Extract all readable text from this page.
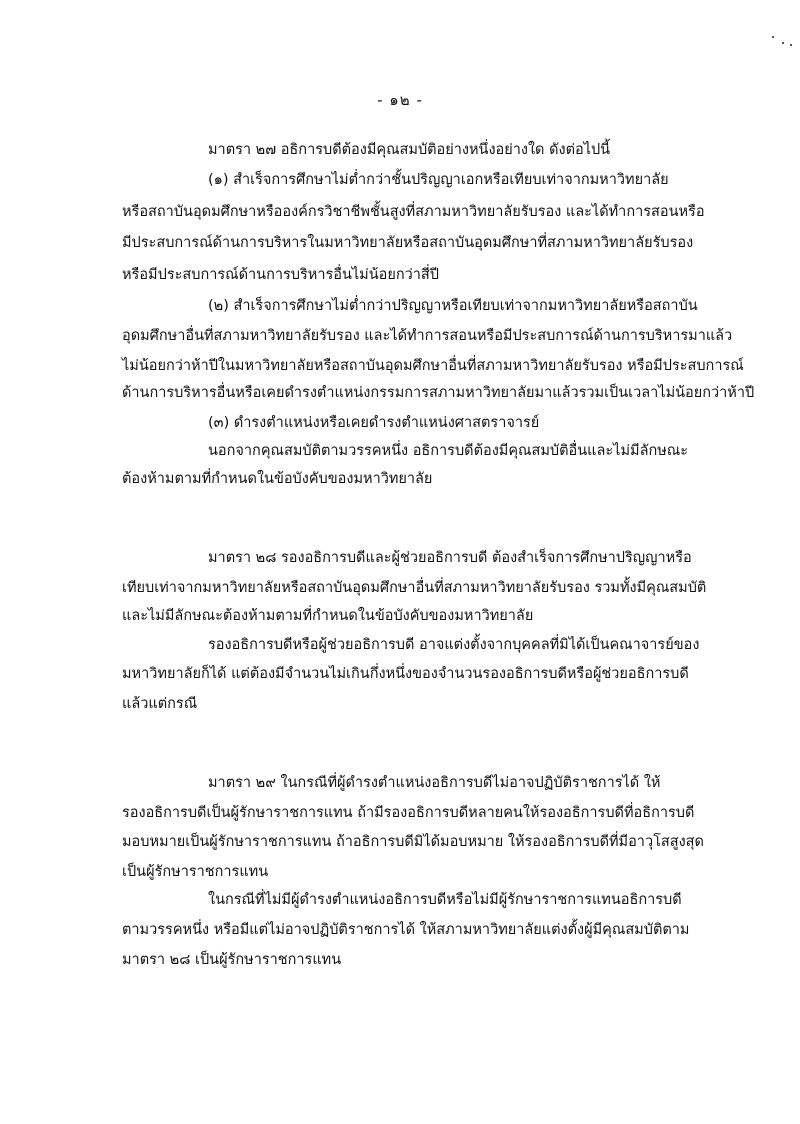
- ๑๒ -
มาตรา ๒๗ อธิการบดีต้องมีคุณสมบัติอย่างหนึ่งอย่างใด ดังต่อไปนี้
(๑) สำเร็จการศึกษาไม่ต่ำกว่าชั้นปริญญาเอกหรือเทียบเท่าจากมหาวิทยาลัย
หรือสถาบันอุดมศึกษาหรือองค์กรวิชาชีพชั้นสูงที่สภามหาวิทยาลัยรับรอง และได้ทำการสอนหรือ
มีประสบการณ์ด้านการบริหารในมหาวิทยาลัยหรือสถาบันอุดมศึกษาที่สภามหาวิทยาลัยรับรอง
หรือมีประสบการณ์ด้านการบริหารอื่นไม่น้อยกว่าสี่ปี
(๒) สำเร็จการศึกษาไม่ต่ำกว่าปริญญาหรือเทียบเท่าจากมหาวิทยาลัยหรือสถาบัน
อุดมศึกษาอื่นที่สภามหาวิทยาลัยรับรอง และได้ทำการสอนหรือมีประสบการณ์ด้านการบริหารมาแล้ว
ไม่น้อยกว่าห้าปีในมหาวิทยาลัยหรือสถาบันอุดมศึกษาอื่นที่สภามหาวิทยาลัยรับรอง หรือมีประสบการณ์
ด้านการบริหารอื่นหรือเคยดำรงตำแหน่งกรรมการสภามหาวิทยาลัยมาแล้วรวมเป็นเวลาไม่น้อยกว่าห้าปี
(๓) ดำรงตำแหน่งหรือเคยดำรงตำแหน่งศาสตราจารย์
นอกจากคุณสมบัติตามวรรคหนึ่ง อธิการบดีต้องมีคุณสมบัติอื่นและไม่มีลักษณะ
ต้องห้ามตามที่กำหนดในข้อบังคับของมหาวิทยาลัย
มาตรา ๒๘ รองอธิการบดีและผู้ช่วยอธิการบดี ต้องสำเร็จการศึกษาปริญญาหรือ
เทียบเท่าจากมหาวิทยาลัยหรือสถาบันอุดมศึกษาอื่นที่สภามหาวิทยาลัยรับรอง รวมทั้งมีคุณสมบัติ
และไม่มีลักษณะต้องห้ามตามที่กำหนดในข้อบังคับของมหาวิทยาลัย
รองอธิการบดีหรือผู้ช่วยอธิการบดี อาจแต่งตั้งจากบุคคลที่มิได้เป็นคณาจารย์ของ
มหาวิทยาลัยก็ได้ แต่ต้องมีจำนวนไม่เกินกึ่งหนึ่งของจำนวนรองอธิการบดีหรือผู้ช่วยอธิการบดี
แล้วแต่กรณี
มาตรา ๒๙ ในกรณีที่ผู้ดำรงตำแหน่งอธิการบดีไม่อาจปฏิบัติราชการได้ ให้
รองอธิการบดีเป็นผู้รักษาราชการแทน ถ้ามีรองอธิการบดีหลายคนให้รองอธิการบดีที่อธิการบดี
มอบหมายเป็นผู้รักษาราชการแทน ถ้าอธิการบดีมิได้มอบหมาย ให้รองอธิการบดีที่มีอาวุโสสูงสุด
เป็นผู้รักษาราชการแทน
ในกรณีที่ไม่มีผู้ดำรงตำแหน่งอธิการบดีหรือไม่มีผู้รักษาราชการแทนอธิการบดี
ตามวรรคหนึ่ง หรือมีแต่ไม่อาจปฏิบัติราชการได้ ให้สภามหาวิทยาลัยแต่งตั้งผู้มีคุณสมบัติตาม
มาตรา ๒๘ เป็นผู้รักษาราชการแทน
